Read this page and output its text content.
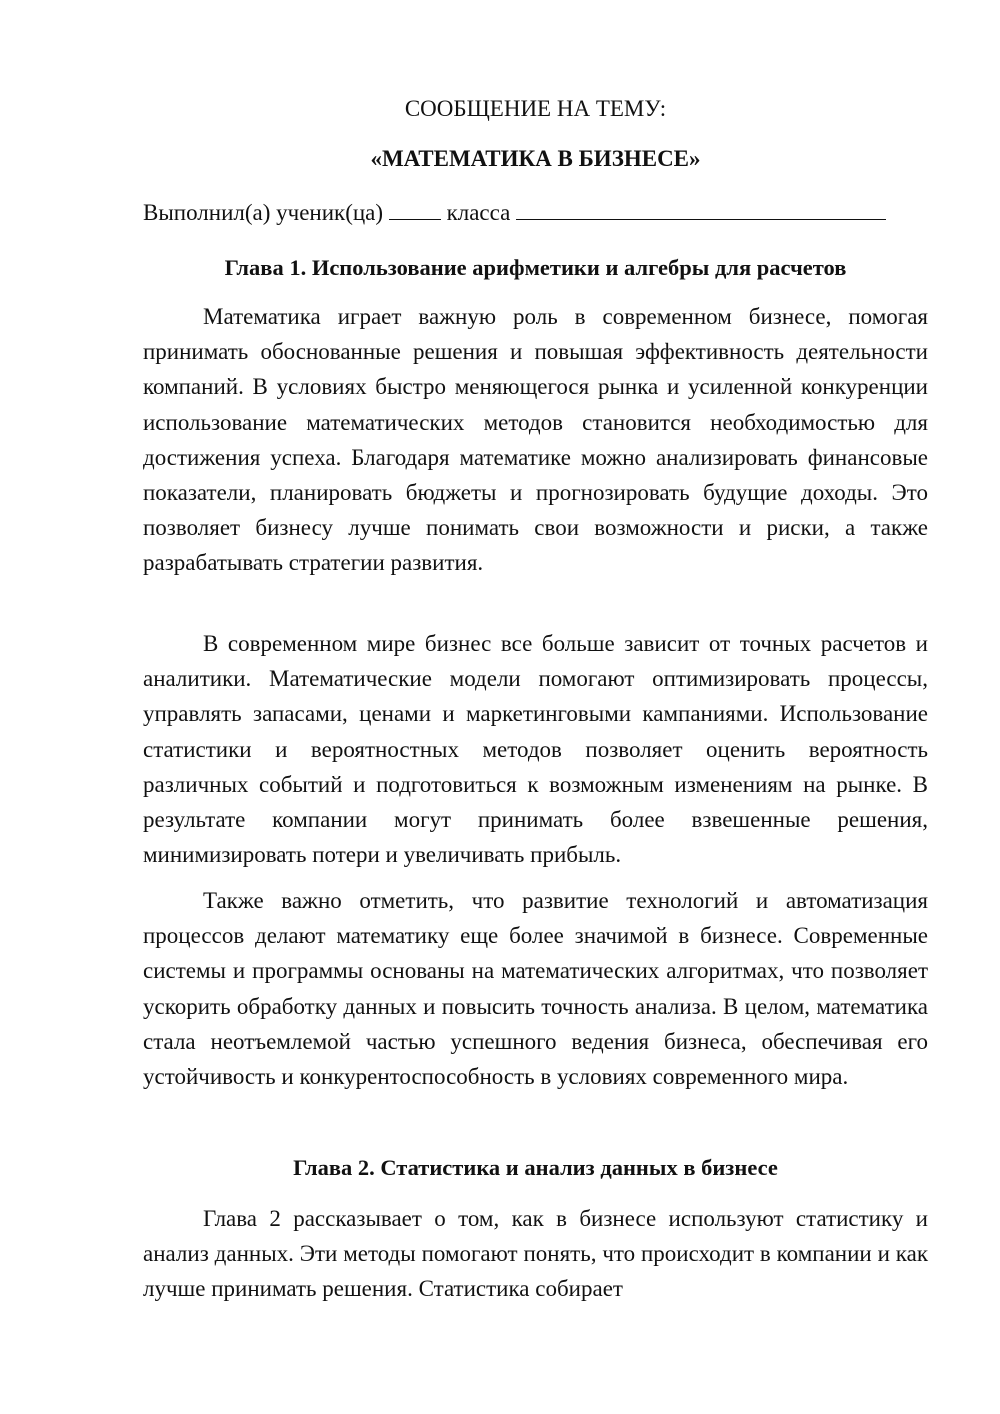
СООБЩЕНИЕ НА ТЕМУ:
«МАТЕМАТИКА В БИЗНЕСЕ»
Выполнил(а) ученик(ца)	класса
Глава 1. Использование арифметики и алгебры для расчетов

Математика играет важную роль в современном бизнесе, помогая принимать обоснованные решения и повышая эффективность деятельности компаний. В условиях быстро меняющегося рынка и усиленной конкуренции использование математических методов становится необходимостью для достижения успеха. Благодаря математике можно анализировать финансовые показатели, планировать бюджеты и прогнозировать будущие доходы. Это позволяет бизнесу лучше понимать свои возможности и риски, а также разрабатывать стратегии развития.

В современном мире бизнес все больше зависит от точных расчетов и аналитики. Математические модели помогают оптимизировать процессы, управлять запасами, ценами и маркетинговыми кампаниями. Использование статистики и вероятностных методов позволяет оценить вероятность различных событий и подготовиться к возможным изменениям на рынке. В результате компании могут принимать более взвешенные решения, минимизировать потери и увеличивать прибыль.

Также важно отметить, что развитие технологий и автоматизация процессов делают математику еще более значимой в бизнесе. Современные системы и программы основаны на математических алгоритмах, что позволяет ускорить обработку данных и повысить точность анализа. В целом, математика стала неотъемлемой частью успешного ведения бизнеса, обеспечивая его устойчивость и конкурентоспособность в условиях современного мира.

Глава 2. Статистика и анализ данных в бизнесе

Глава 2 рассказывает о том, как в бизнесе используют статистику и анализ данных. Эти методы помогают понять, что происходит в компании и как лучше принимать решения. Статистика собирает
